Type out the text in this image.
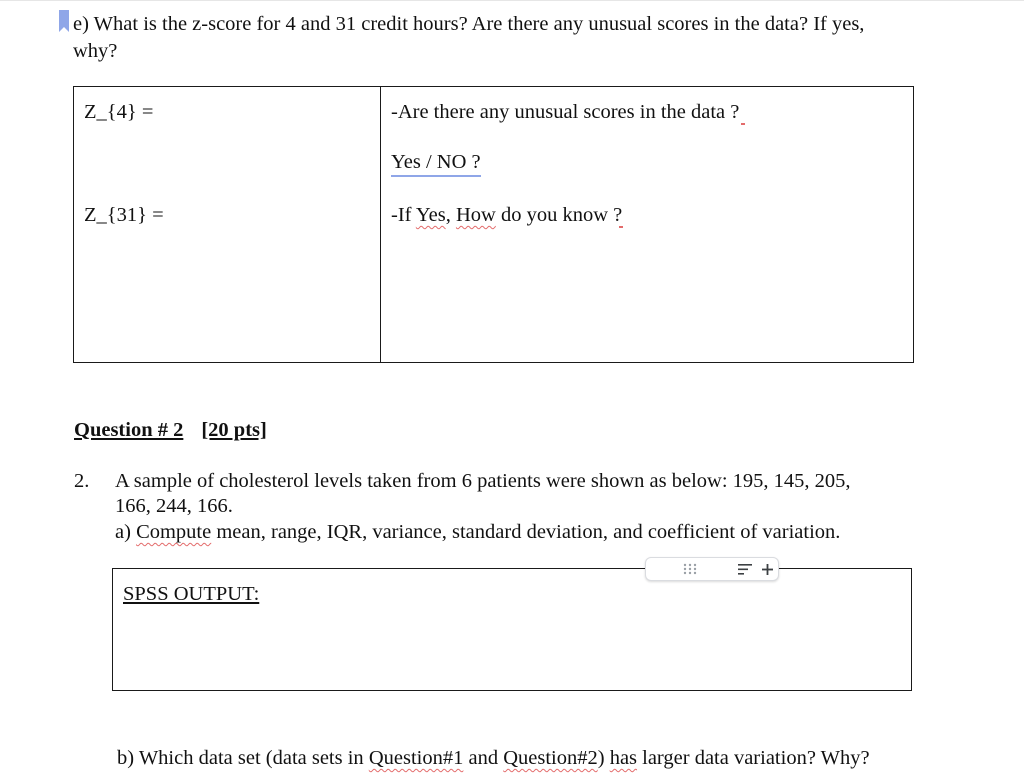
e) What is the z-score for 4 and 31 credit hours? Are there any unusual scores in the data? If yes,
why?
Z_{4} =
Z_{31} =
-Are there any unusual scores in the data ?
Yes / NO ?
-If Yes, How do you know ?
Question # 2 [20 pts]
2. A sample of cholesterol levels taken from 6 patients were shown as below: 195, 145, 205,
166, 244, 166.
a) Compute mean, range, IQR, variance, standard deviation, and coefficient of variation.
SPSS OUTPUT:
b) Which data set (data sets in Question#1 and Question#2) has larger data variation? Why?
